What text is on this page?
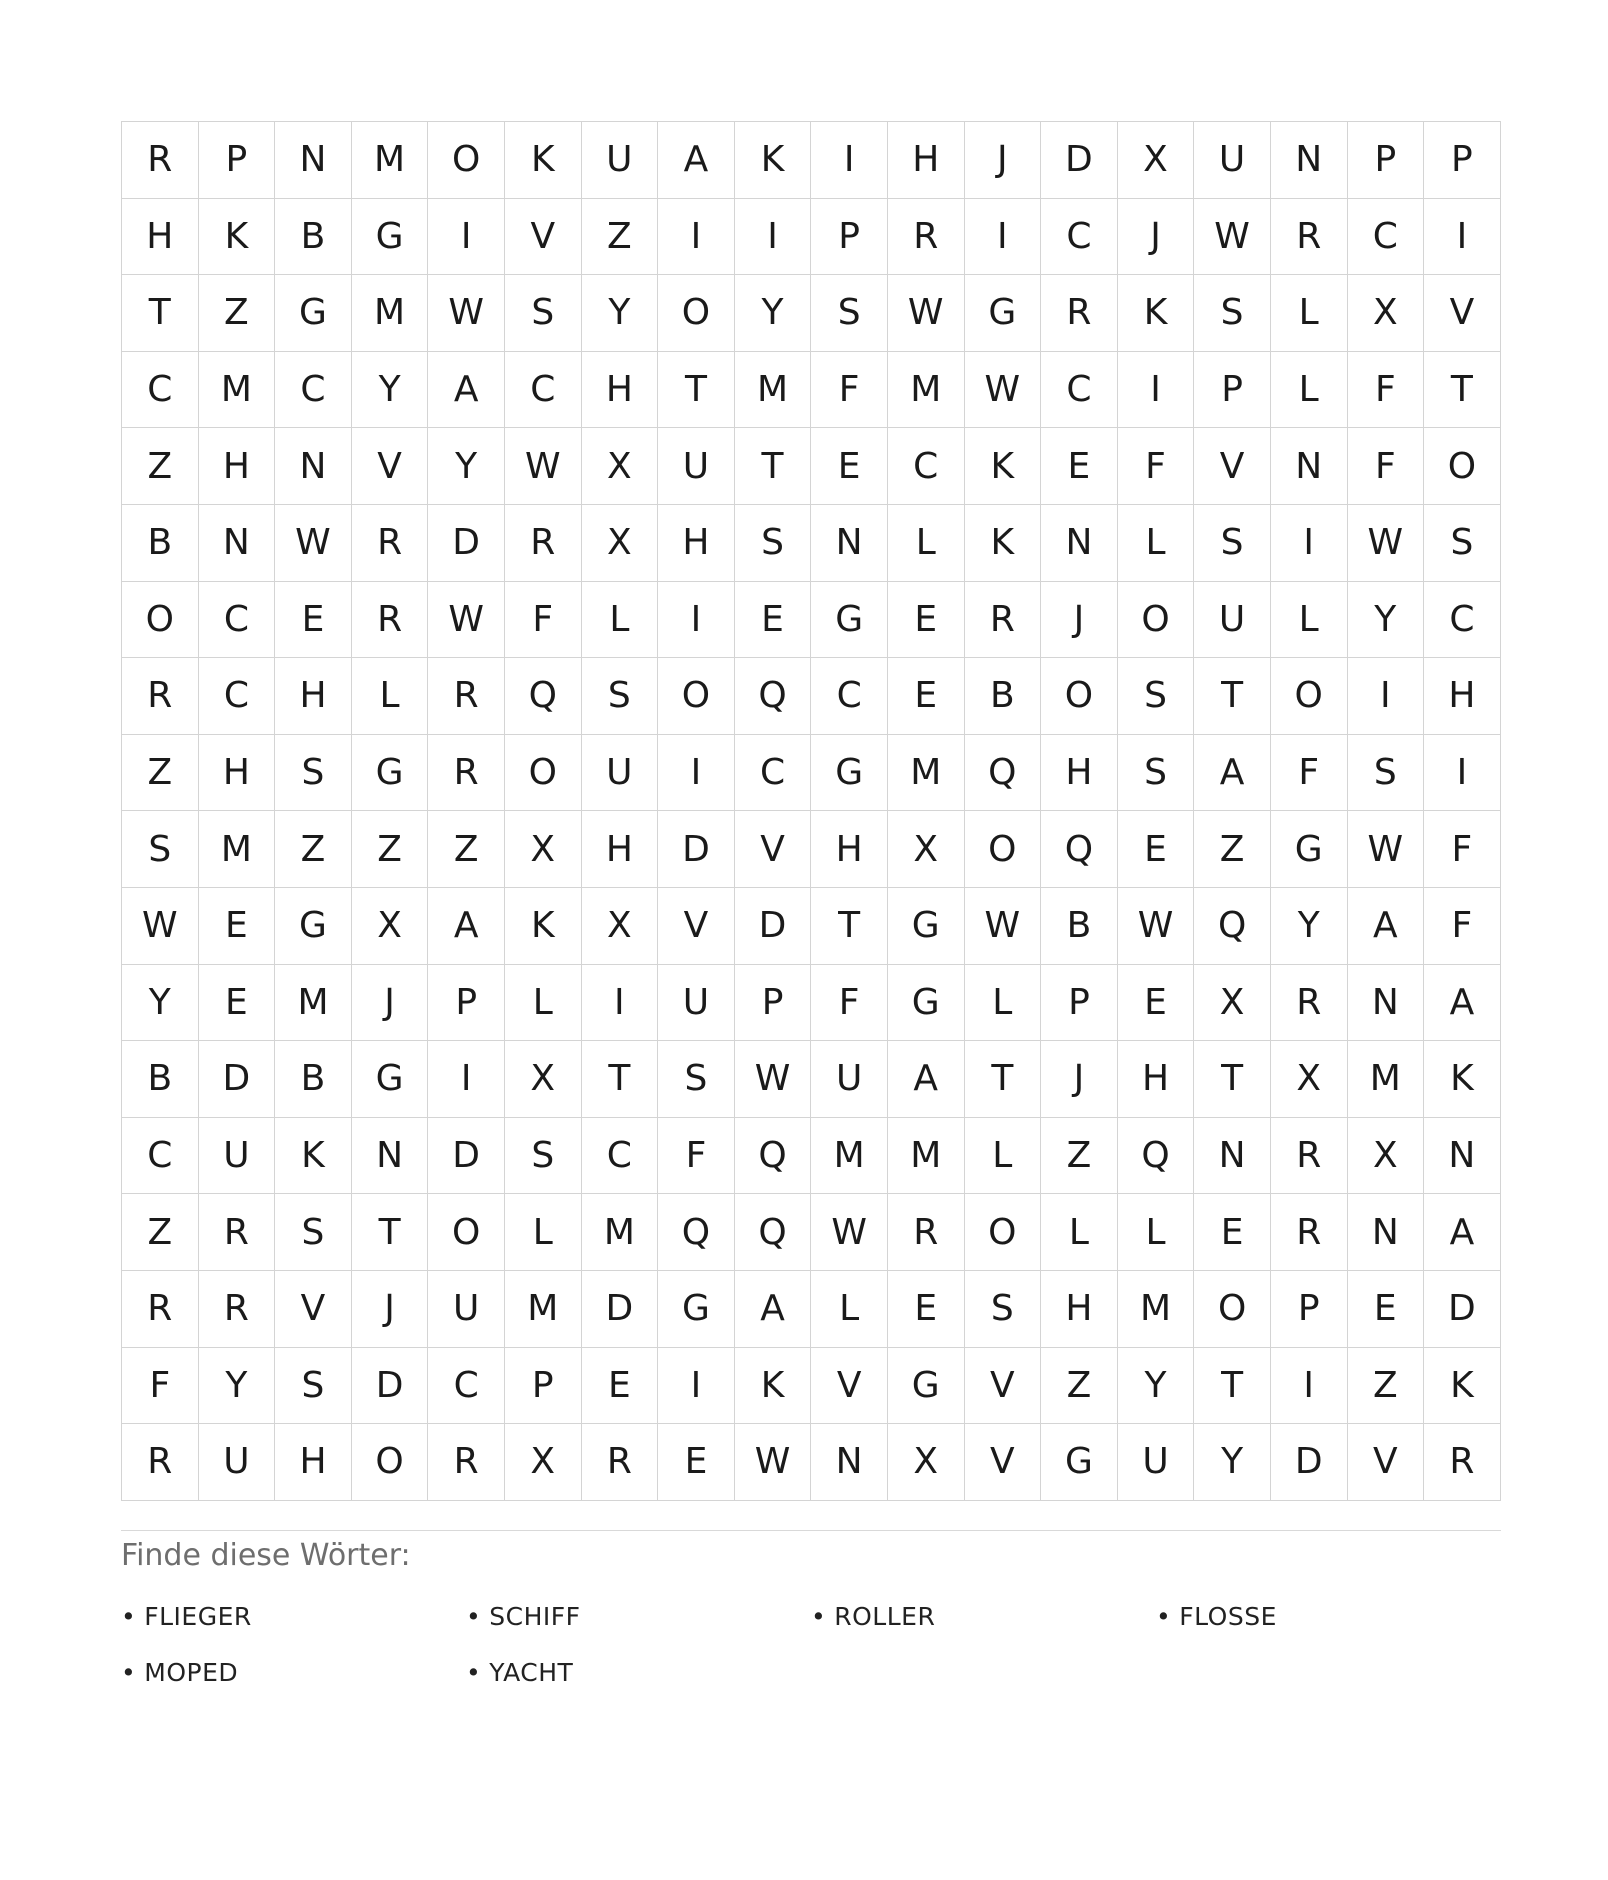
R	P	N	M	O	K	U	A	K	I	H	J	D	X	U	N	P	P
H	K	B	G	I	V	Z	I	I	P	R	I	C	J	W	R	C	I
T	Z	G	M	W	S	Y	O	Y	S	W	G	R	K	S	L	X	V
C	M	C	Y	A	C	H	T	M	F	M	W	C	I	P	L	F	T
Z	H	N	V	Y	W	X	U	T	E	C	K	E	F	V	N	F	O
B	N	W	R	D	R	X	H	S	N	L	K	N	L	S	I	W	S
O	C	E	R	W	F	L	I	E	G	E	R	J	O	U	L	Y	C
R	C	H	L	R	Q	S	O	Q	C	E	B	O	S	T	O	I	H
Z	H	S	G	R	O	U	I	C	G	M	Q	H	S	A	F	S	I
S	M	Z	Z	Z	X	H	D	V	H	X	O	Q	E	Z	G	W	F
W	E	G	X	A	K	X	V	D	T	G	W	B	W	Q	Y	A	F
Y	E	M	J	P	L	I	U	P	F	G	L	P	E	X	R	N	A
B	D	B	G	I	X	T	S	W	U	A	T	J	H	T	X	M	K
C	U	K	N	D	S	C	F	Q	M	M	L	Z	Q	N	R	X	N
Z	R	S	T	O	L	M	Q	Q	W	R	O	L	L	E	R	N	A
R	R	V	J	U	M	D	G	A	L	E	S	H	M	O	P	E	D
F	Y	S	D	C	P	E	I	K	V	G	V	Z	Y	T	I	Z	K
R	U	H	O	R	X	R	E	W	N	X	V	G	U	Y	D	V	R
Finde diese Wörter:
• FLIEGER	• SCHIFF	• ROLLER	• FLOSSE
• MOPED	• YACHT
